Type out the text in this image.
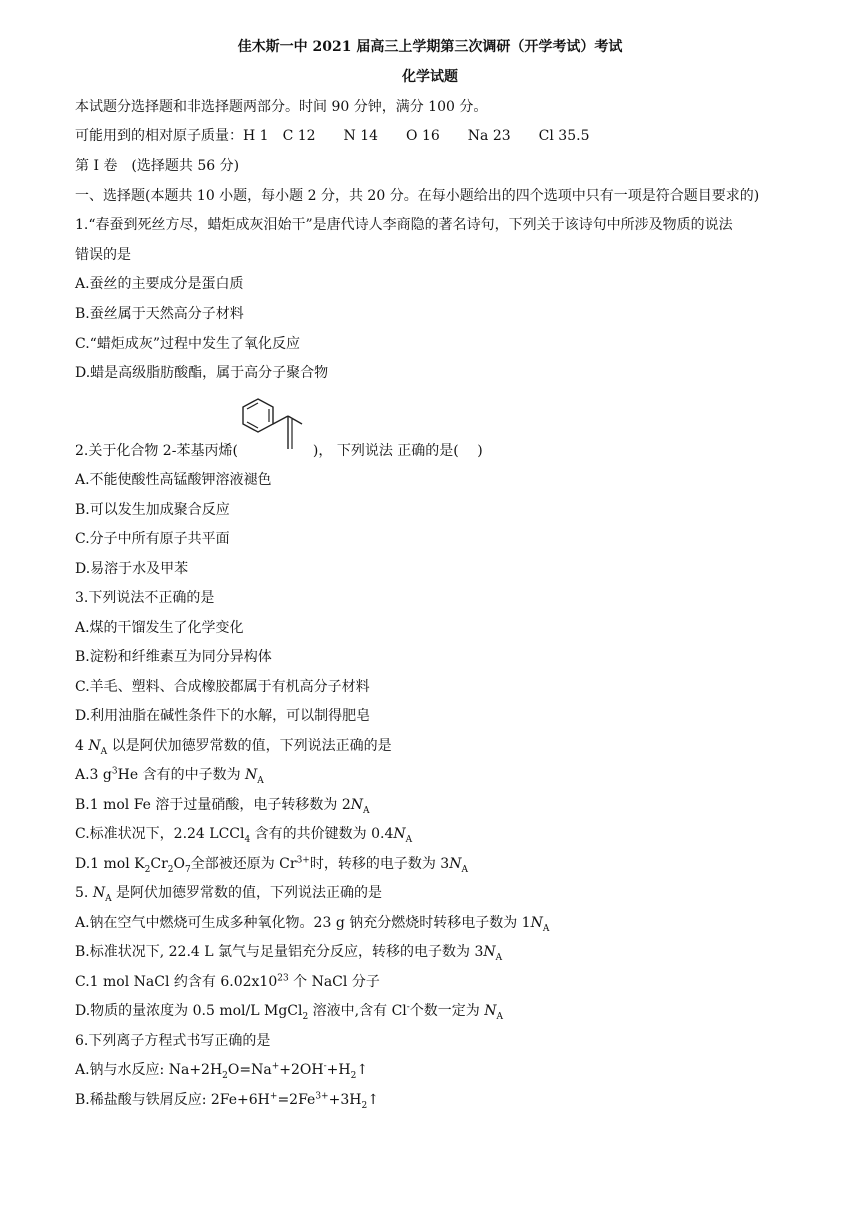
佳木斯一中 2021 届高三上学期第三次调研（开学考试）考试
化学试题
本试题分选择题和非选择题两部分。时间 90 分钟，满分 100 分。
可能用到的相对原子质量：H 1　C 12　　N 14　　O 16　　Na 23　　Cl 35.5
第 I 卷　(选择题共 56 分)
一、选择题(本题共 10 小题，每小题 2 分，共 20 分。在每小题给出的四个选项中只有一项是符合题目要求的)
1.“春蚕到死丝方尽，蜡炬成灰泪始干”是唐代诗人李商隐的著名诗句，下列关于该诗句中所涉及物质的说法
错误的是
A.蚕丝的主要成分是蛋白质
B.蚕丝属于天然高分子材料
C.“蜡炬成灰”过程中发生了氧化反应
D.蜡是高级脂肪酸酯，属于高分子聚合物
2.关于化合物 2-苯基丙烯(	)， 下列说法 正确的是(　 )
A.不能使酸性高锰酸钾溶液褪色
B.可以发生加成聚合反应
C.分子中所有原子共平面
D.易溶于水及甲苯
3.下列说法不正确的是
A.煤的干馏发生了化学变化
B.淀粉和纤维素互为同分异构体
C.羊毛、塑料、合成橡胶都属于有机高分子材料
D.利用油脂在碱性条件下的水解，可以制得肥皂
4 $N_A$ 以是阿伏加德罗常数的值，下列说法正确的是
A.3 $g^3He$ 含有的中子数为 $N_A$
B.1 mol Fe 溶于过量硝酸，电子转移数为 $2N_A$
C.标准状况下，2.24 LCCl$_4$ 含有的共价键数为 $0.4N_A$
D.1 mol $K_2Cr_2O_7$全部被还原为 $Cr^{3+}$时，转移的电子数为 $3N_A$
5. $N_A$ 是阿伏加德罗常数的值，下列说法正确的是
A.钠在空气中燃烧可生成多种氧化物。23 g 钠充分燃烧时转移电子数为 $1N_A$
B.标准状况下, 22.4 L 氯气与足量铝充分反应，转移的电子数为 $3N_A$
C.1 mol NaCl 约含有 $6.02x10^{23}$ 个 NaCl 分子
D.物质的量浓度为 0.5 mol/L MgCl$_2$ 溶液中,含有 Cl-个数一定为 $N_A$
6.下列离子方程式书写正确的是
A.钠与水反应: $Na+2H_2O=Na^++2OH^-+H_2↑$
B.稀盐酸与铁屑反应: $2Fe+6H^+=2Fe^{3+}+3H_2↑$
